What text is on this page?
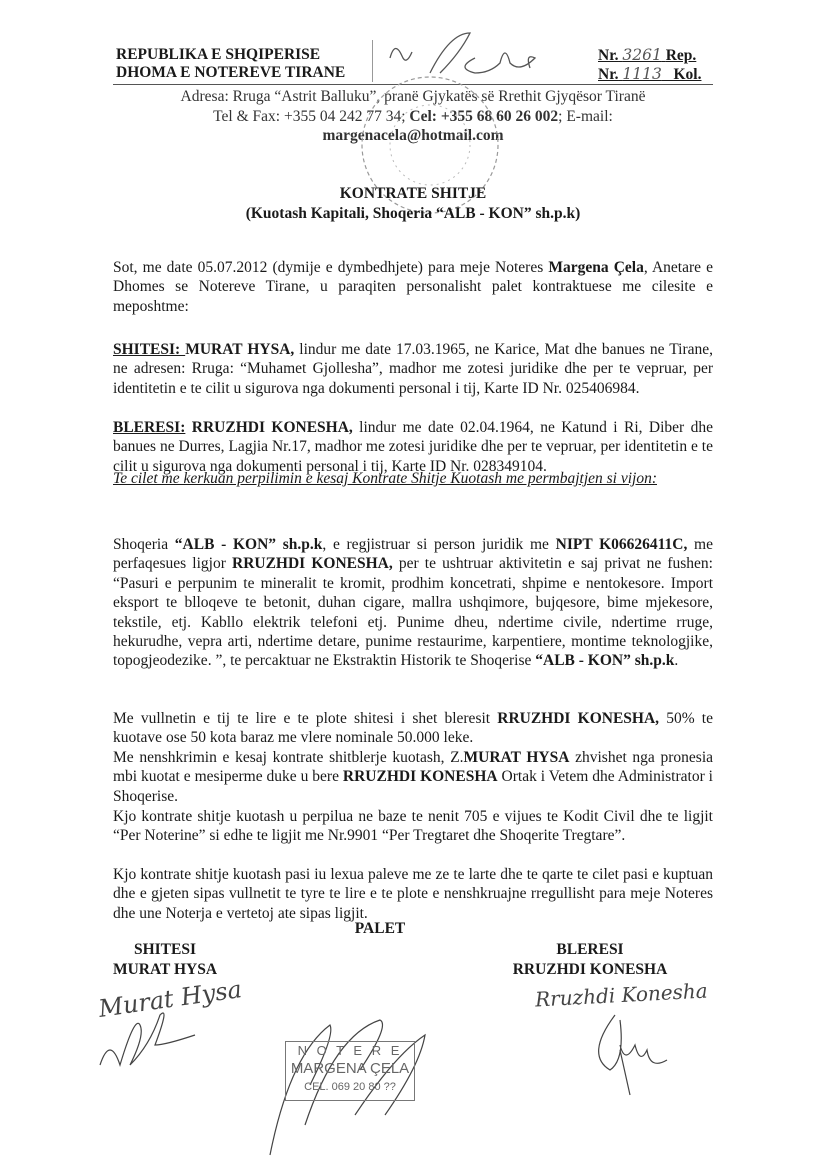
REPUBLIKA E SHQIPERISE
DHOMA E NOTEREVE TIRANE
Nr. 3261 Rep.
Nr. 1113 Kol.
Adresa: Rruga “Astrit Balluku”, pranë Gjykatës së Rrethit Gjyqësor Tiranë
Tel & Fax: +355 04 242 77 34; Cel: +355 68 60 26 002; E-mail:
margenacela@hotmail.com
KONTRATE SHITJE
(Kuotash Kapitali, Shoqeria “ALB - KON” sh.p.k)
Sot, me date 05.07.2012 (dymije e dymbedhjete) para meje Noteres Margena Çela, Anetare e Dhomes se Notereve Tirane, u paraqiten personalisht palet kontraktuese me cilesite e meposhtme:
SHITESI: MURAT HYSA, lindur me date 17.03.1965, ne Karice, Mat dhe banues ne Tirane, ne adresen: Rruga: “Muhamet Gjollesha”, madhor me zotesi juridike dhe per te vepruar, per identitetin e te cilit u sigurova nga dokumenti personal i tij, Karte ID Nr. 025406984.
BLERESI: RRUZHDI KONESHA, lindur me date 02.04.1964, ne Katund i Ri, Diber dhe banues ne Durres, Lagjia Nr.17, madhor me zotesi juridike dhe per te vepruar, per identitetin e te cilit u sigurova nga dokumenti personal i tij, Karte ID Nr. 028349104.
Te cilet me kerkuan perpilimin e kesaj Kontrate Shitje Kuotash me permbajtjen si vijon:
Shoqeria “ALB - KON” sh.p.k, e regjistruar si person juridik me NIPT K06626411C, me perfaqesues ligjor RRUZHDI KONESHA, per te ushtruar aktivitetin e saj privat ne fushen: “Pasuri e perpunim te mineralit te kromit, prodhim koncetrati, shpime e nentokesore. Import eksport te blloqeve te betonit, duhan cigare, mallra ushqimore, bujqesore, bime mjekesore, tekstile, etj. Kabllo elektrik telefoni etj. Punime dheu, ndertime civile, ndertime rruge, hekurudhe, vepra arti, ndertime detare, punime restaurime, karpentiere, montime teknologjike, topogjeodezike. ”, te percaktuar ne Ekstraktin Historik te Shoqerise “ALB - KON” sh.p.k.
Me vullnetin e tij te lire e te plote shitesi i shet bleresit RRUZHDI KONESHA, 50% te kuotave ose 50 kota baraz me vlere nominale 50.000 leke.
Me nenshkrimin e kesaj kontrate shitblerje kuotash, Z.MURAT HYSA zhvishet nga pronesia mbi kuotat e mesiperme duke u bere RRUZHDI KONESHA Ortak i Vetem dhe Administrator i Shoqerise.
Kjo kontrate shitje kuotash u perpilua ne baze te nenit 705 e vijues te Kodit Civil dhe te ligjit “Per Noterine” si edhe te ligjit me Nr.9901 “Per Tregtaret dhe Shoqerite Tregtare”.
Kjo kontrate shitje kuotash pasi iu lexua paleve me ze te larte dhe te qarte te cilet pasi e kuptuan dhe e gjeten sipas vullnetit te tyre te lire e te plote e nenshkruajne rregullisht para meje Noteres dhe une Noterja e vertetoj ate sipas ligjit.
PALET
SHITESI
MURAT HYSA
BLERESI
RRUZHDI KONESHA
Murat Hysa
N O T E R E
MARGENA ÇELA
CEL. 069 20 80 ??
Rruzhdi Konesha
